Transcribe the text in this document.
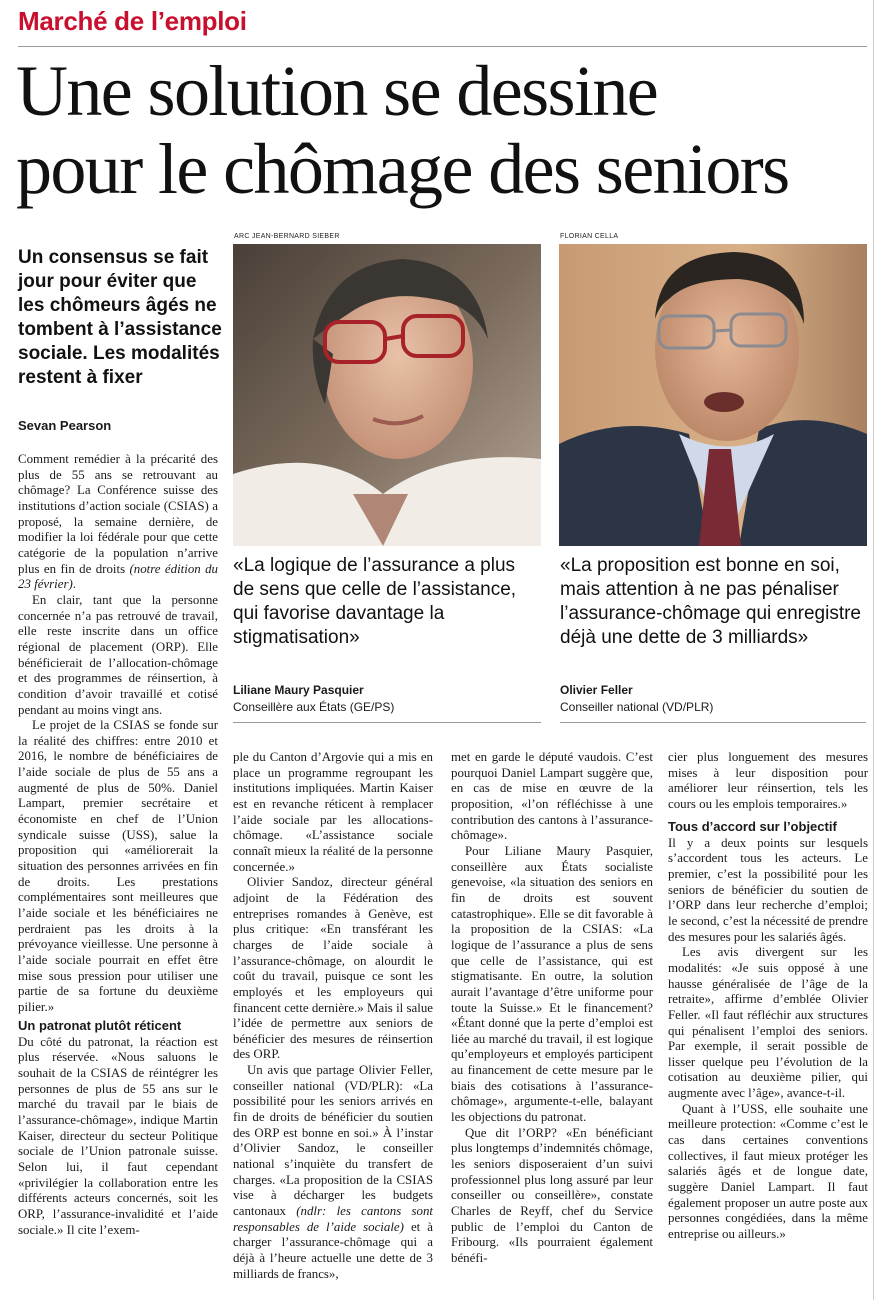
Marché de l’emploi
Une solution se dessine
pour le chômage des seniors
Un consensus se fait jour pour éviter que les chômeurs âgés ne tombent à l’assistance sociale. Les modalités restent à fixer
Sevan Pearson
ARC JEAN-BERNARD SIEBER	FLORIAN CELLA
«La logique de l’assurance a plus de sens que celle de l’assistance, qui favorise davantage la stigmatisation»
Liliane Maury Pasquier
Conseillère aux États (GE/PS)
«La proposition est bonne en soi, mais attention à ne pas pénaliser l’assurance-chômage qui enregistre déjà une dette de 3 milliards»
Olivier Feller
Conseiller national (VD/PLR)

Comment remédier à la précarité des plus de 55 ans se retrouvant au chômage? La Conférence suisse des institutions d’action sociale (CSIAS) a proposé, la semaine dernière, de modifier la loi fédérale pour que cette catégorie de la population n’arrive plus en fin de droits (notre édition du 23 février).

En clair, tant que la personne concernée n’a pas retrouvé de travail, elle reste inscrite dans un office régional de placement (ORP). Elle bénéficierait de l’allocation-chômage et des programmes de réinsertion, à condition d’avoir travaillé et cotisé pendant au moins vingt ans.

Le projet de la CSIAS se fonde sur la réalité des chiffres: entre 2010 et 2016, le nombre de bénéficiaires de l’aide sociale de plus de 55 ans a augmenté de plus de 50%. Daniel Lampart, premier secrétaire et économiste en chef de l’Union syndicale suisse (USS), salue la proposition qui «améliorerait la situation des personnes arrivées en fin de droits. Les prestations complémentaires sont meilleures que l’aide sociale et les bénéficiaires ne perdraient pas les droits à la prévoyance vieillesse. Une personne à l’aide sociale pourrait en effet être mise sous pression pour utiliser une partie de sa fortune du deuxième pilier.»

Un patronat plutôt réticent

Du côté du patronat, la réaction est plus réservée. «Nous saluons le souhait de la CSIAS de réintégrer les personnes de plus de 55 ans sur le marché du travail par le biais de l’assurance-chômage», indique Martin Kaiser, directeur du secteur Politique sociale de l’Union patronale suisse. Selon lui, il faut cependant «privilégier la collaboration entre les différents acteurs concernés, soit les ORP, l’assurance-invalidité et l’aide sociale.» Il cite l’exem-

ple du Canton d’Argovie qui a mis en place un programme regroupant les institutions impliquées. Martin Kaiser est en revanche réticent à remplacer l’aide sociale par les allocations-chômage. «L’assistance sociale connaît mieux la réalité de la personne concernée.»

Olivier Sandoz, directeur général adjoint de la Fédération des entreprises romandes à Genève, est plus critique: «En transférant les charges de l’aide sociale à l’assurance-chômage, on alourdit le coût du travail, puisque ce sont les employés et les employeurs qui financent cette dernière.» Mais il salue l’idée de permettre aux seniors de bénéficier des mesures de réinsertion des ORP.

Un avis que partage Olivier Feller, conseiller national (VD/PLR): «La possibilité pour les seniors arrivés en fin de droits de bénéficier du soutien des ORP est bonne en soi.» À l’instar d’Olivier Sandoz, le conseiller national s’inquiète du transfert de charges. «La proposition de la CSIAS vise à décharger les budgets cantonaux (ndlr: les cantons sont responsables de l’aide sociale) et à charger l’assurance-chômage qui a déjà à l’heure actuelle une dette de 3 milliards de francs»,

met en garde le député vaudois. C’est pourquoi Daniel Lampart suggère que, en cas de mise en œuvre de la proposition, «l’on réfléchisse à une contribution des cantons à l’assurance-chômage».

Pour Liliane Maury Pasquier, conseillère aux États socialiste genevoise, «la situation des seniors en fin de droits est souvent catastrophique». Elle se dit favorable à la proposition de la CSIAS: «La logique de l’assurance a plus de sens que celle de l’assistance, qui est stigmatisante. En outre, la solution aurait l’avantage d’être uniforme pour toute la Suisse.» Et le financement? «Étant donné que la perte d’emploi est liée au marché du travail, il est logique qu’employeurs et employés participent au financement de cette mesure par le biais des cotisations à l’assurance-chômage», argumente-t-elle, balayant les objections du patronat.

Que dit l’ORP? «En bénéficiant plus longtemps d’indemnités chômage, les seniors disposeraient d’un suivi professionnel plus long assuré par leur conseiller ou conseillère», constate Charles de Reyff, chef du Service public de l’emploi du Canton de Fribourg. «Ils pourraient également bénéfi-

cier plus longuement des mesures mises à leur disposition pour améliorer leur réinsertion, tels les cours ou les emplois temporaires.»

Tous d’accord sur l’objectif

Il y a deux points sur lesquels s’accordent tous les acteurs. Le premier, c’est la possibilité pour les seniors de bénéficier du soutien de l’ORP dans leur recherche d’emploi; le second, c’est la nécessité de prendre des mesures pour les salariés âgés.

Les avis divergent sur les modalités: «Je suis opposé à une hausse généralisée de l’âge de la retraite», affirme d’emblée Olivier Feller. «Il faut réfléchir aux structures qui pénalisent l’emploi des seniors. Par exemple, il serait possible de lisser quelque peu l’évolution de la cotisation au deuxième pilier, qui augmente avec l’âge», avance-t-il.

Quant à l’USS, elle souhaite une meilleure protection: «Comme c’est le cas dans certaines conventions collectives, il faut mieux protéger les salariés âgés et de longue date, suggère Daniel Lampart. Il faut également proposer un autre poste aux personnes congédiées, dans la même entreprise ou ailleurs.»
